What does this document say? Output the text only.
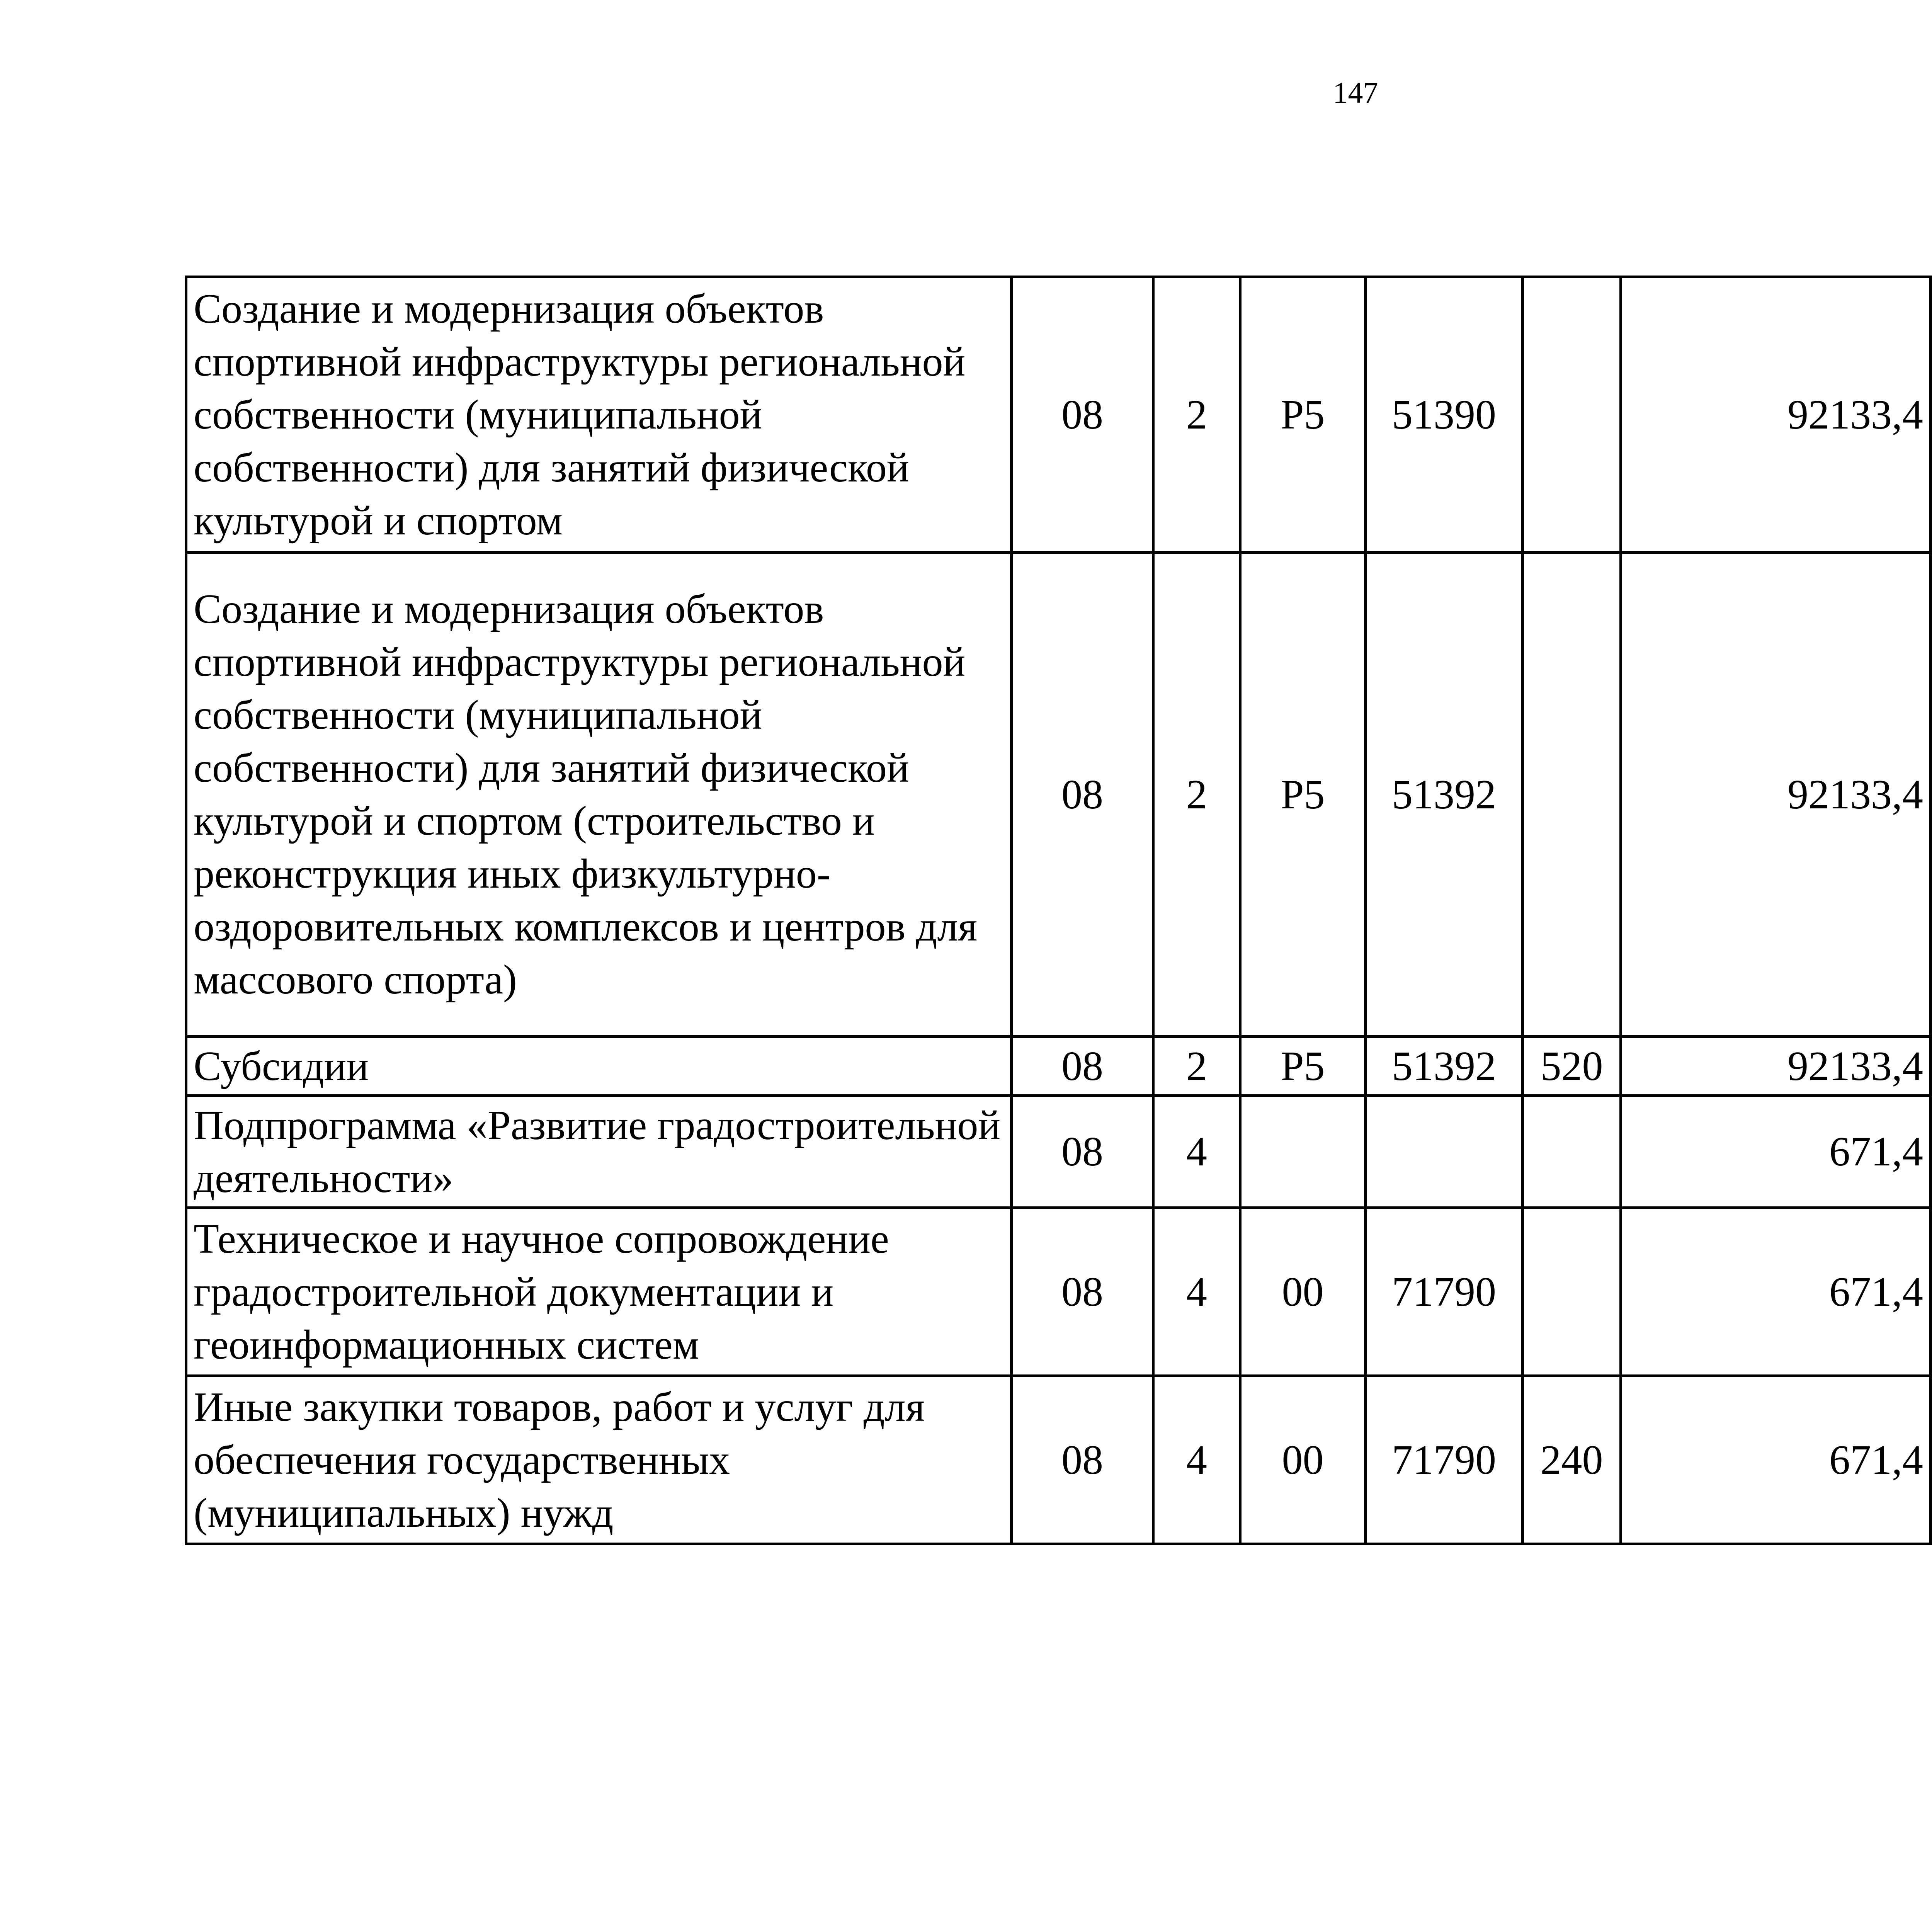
147
Создание и модернизация объектов спортивной инфраструктуры региональной собственности (муниципальной собственности) для занятий физической культурой и спортом	08	2	P5	51390		92133,4		
Создание и модернизация объектов спортивной инфраструктуры региональной собственности (муниципальной собственности) для занятий физической культурой и спортом (строительство и реконструкция иных физкультурно-оздоровительных комплексов и центров для массового спорта)	08	2	P5	51392		92133,4		
Субсидии	08	2	P5	51392	520	92133,4		
Подпрограмма «Развитие градостроительной деятельности»	08	4				671,4		
Техническое и научное сопровождение градостроительной документации и геоинформационных систем	08	4	00	71790		671,4		
Иные закупки товаров, работ и услуг для обеспечения государственных (муниципальных) нужд	08	4	00	71790	240	671,4		
